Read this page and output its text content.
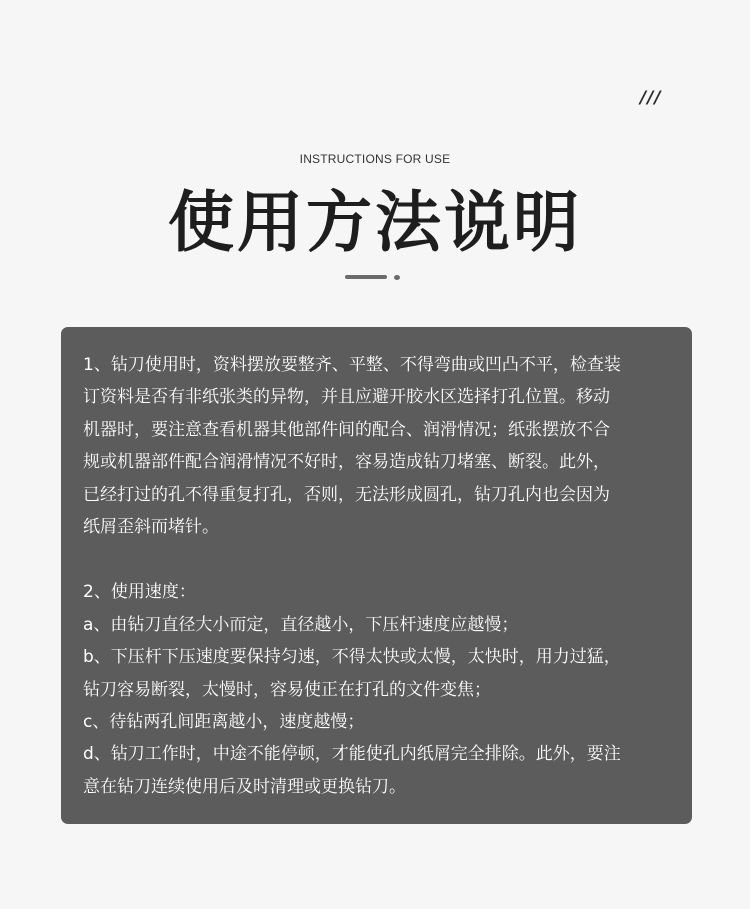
///
INSTRUCTIONS FOR USE
使用方法说明
1、钻刀使用时，资料摆放要整齐、平整、不得弯曲或凹凸不平，检查装
订资料是否有非纸张类的异物，并且应避开胶水区选择打孔位置。移动
机器时，要注意查看机器其他部件间的配合、润滑情况；纸张摆放不合
规或机器部件配合润滑情况不好时，容易造成钻刀堵塞、断裂。此外，
已经打过的孔不得重复打孔，否则，无法形成圆孔，钻刀孔内也会因为
纸屑歪斜而堵针。
2、使用速度：
a、由钻刀直径大小而定，直径越小，下压杆速度应越慢；
b、下压杆下压速度要保持匀速，不得太快或太慢，太快时，用力过猛，
钻刀容易断裂，太慢时，容易使正在打孔的文件变焦；
c、待钻两孔间距离越小，速度越慢；
d、钻刀工作时，中途不能停顿，才能使孔内纸屑完全排除。此外，要注
意在钻刀连续使用后及时清理或更换钻刀。
